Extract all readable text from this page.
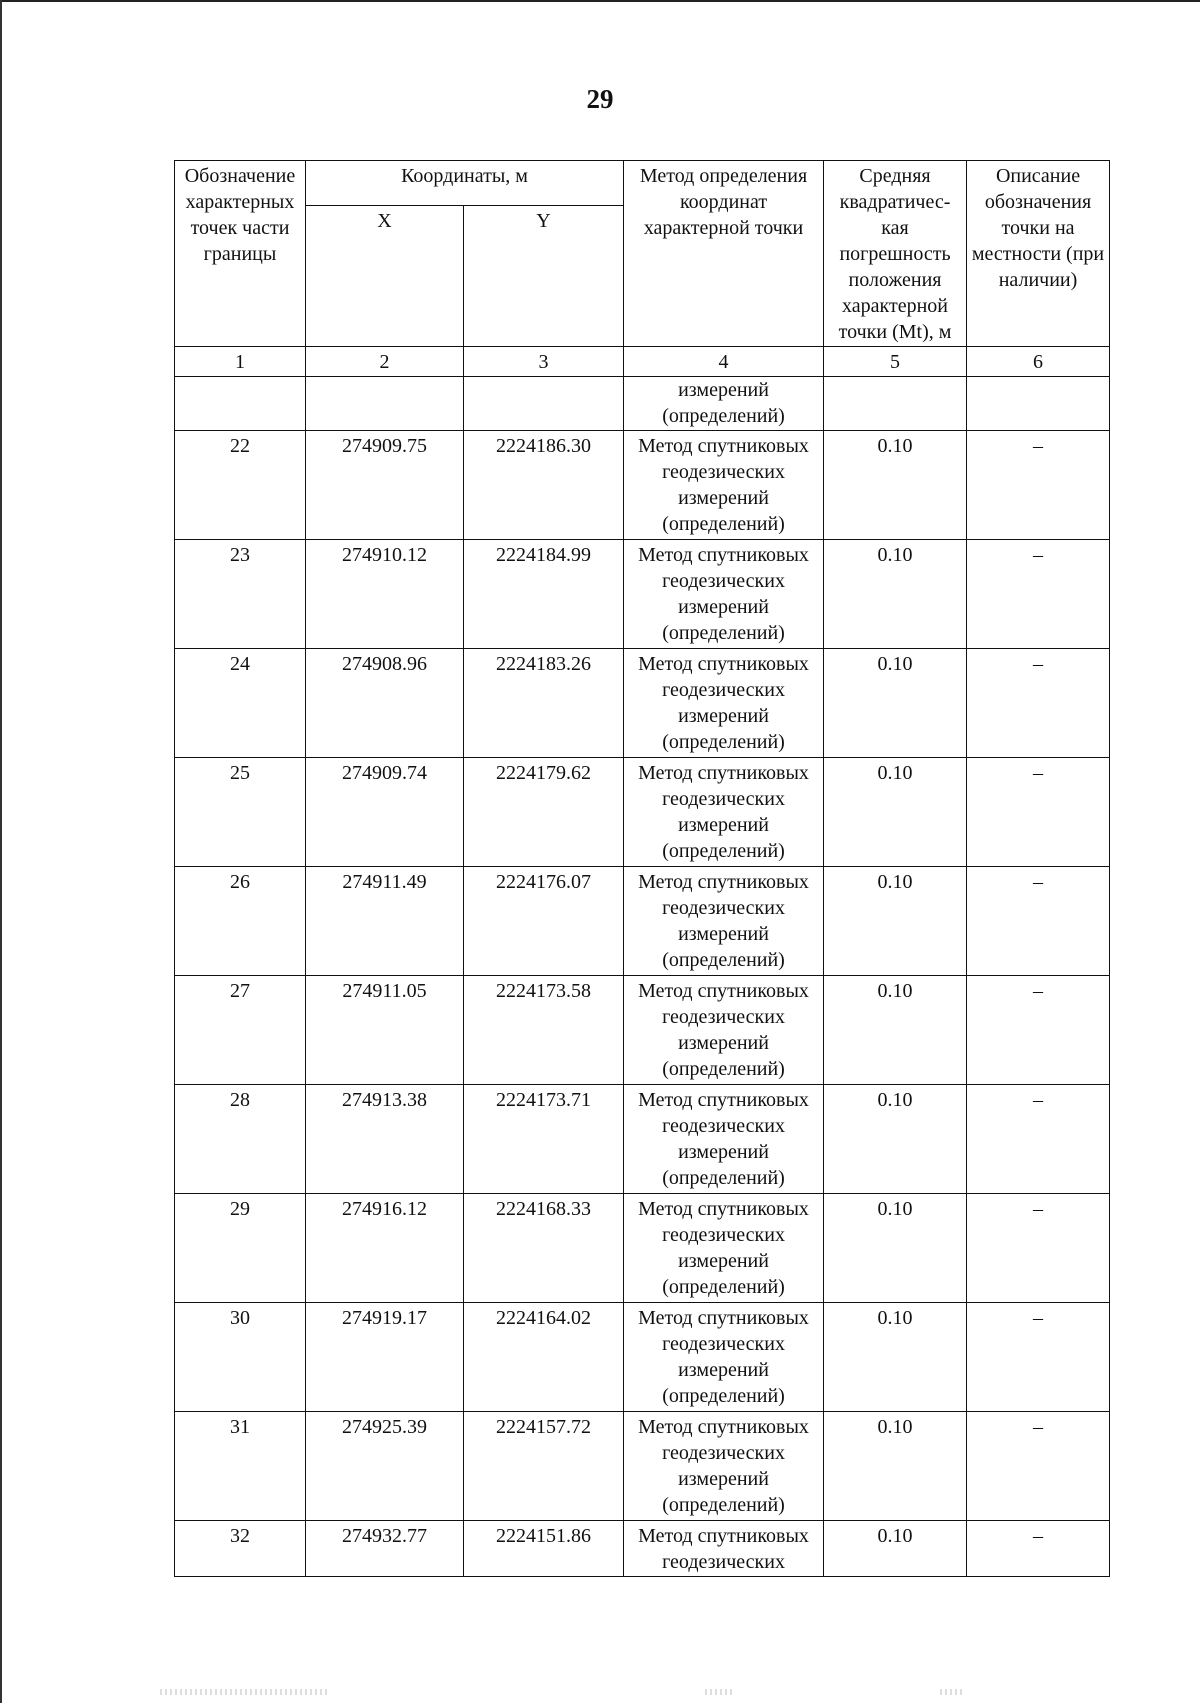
29
Обозначение характерных точек части границы	Координаты, м		Метод определения координат характерной точки	Средняя квадратичес-кая погрешность положения характерной точки (Mt), м	Описание обозначения точки на местности (при наличии)
	X	Y			
1	2	3	4	5	6
			измерений (определений)		
22	274909.75	2224186.30	Метод спутниковых геодезических измерений (определений)	0.10	–
23	274910.12	2224184.99	Метод спутниковых геодезических измерений (определений)	0.10	–
24	274908.96	2224183.26	Метод спутниковых геодезических измерений (определений)	0.10	–
25	274909.74	2224179.62	Метод спутниковых геодезических измерений (определений)	0.10	–
26	274911.49	2224176.07	Метод спутниковых геодезических измерений (определений)	0.10	–
27	274911.05	2224173.58	Метод спутниковых геодезических измерений (определений)	0.10	–
28	274913.38	2224173.71	Метод спутниковых геодезических измерений (определений)	0.10	–
29	274916.12	2224168.33	Метод спутниковых геодезических измерений (определений)	0.10	–
30	274919.17	2224164.02	Метод спутниковых геодезических измерений (определений)	0.10	–
31	274925.39	2224157.72	Метод спутниковых геодезических измерений (определений)	0.10	–
32	274932.77	2224151.86	Метод спутниковых геодезических	0.10	–
